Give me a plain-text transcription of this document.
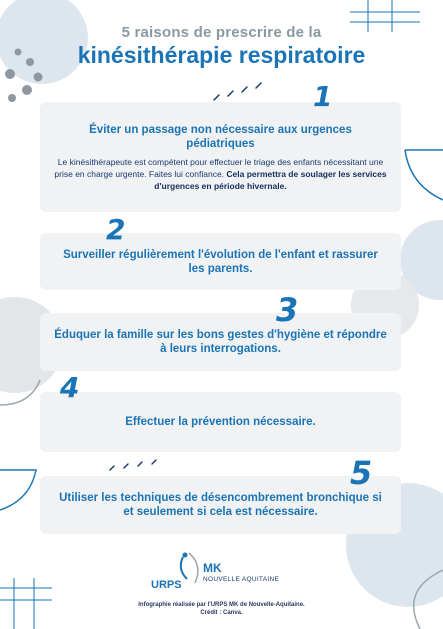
5 raisons de prescrire de la
kinésithérapie respiratoire
Éviter un passage non nécessaire aux urgences pédiatriques
Le kinésithérapeute est compétent pour effectuer le triage des enfants nécessitant une prise en charge urgente. Faites lui confiance. Cela permettra de soulager les services d'urgences en période hivernale.
1
Surveiller régulièrement l'évolution de l'enfant et rassurer les parents.
2
Éduquer la famille sur les bons gestes d'hygiène et répondre à leurs interrogations.
3
Effectuer la prévention nécessaire.
4
Utiliser les techniques de désencombrement bronchique si et seulement si cela est nécessaire.
5
URPS
MK
NOUVELLE AQUITAINE
Infographie réalisée par l'URPS MK de Nouvelle-Aquitaine.
Crédit : Canva.
